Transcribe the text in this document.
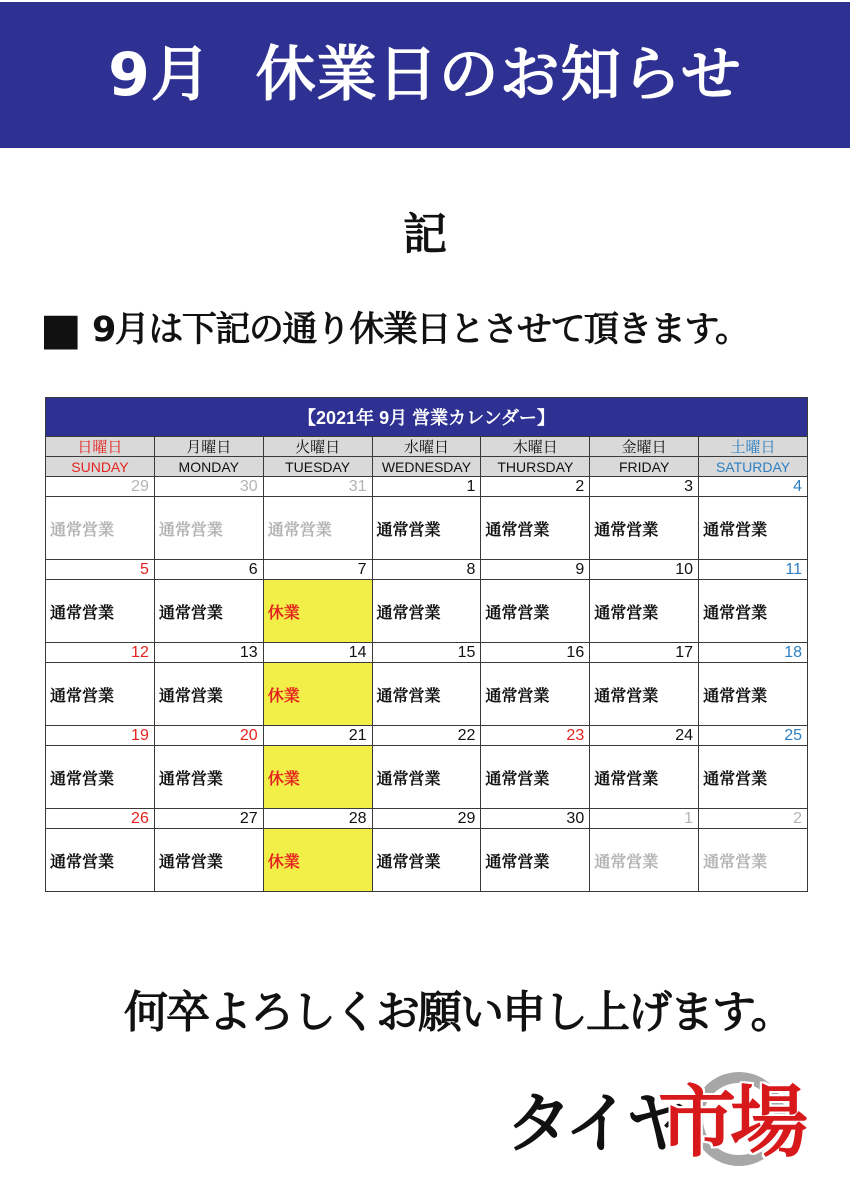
9月  休業日のお知らせ
記
■ 9月は下記の通り休業日とさせて頂きます。
【2021年 9月 営業カレンダー】						
日曜日	月曜日	火曜日	水曜日	木曜日	金曜日	土曜日
SUNDAY	MONDAY	TUESDAY	WEDNESDAY	THURSDAY	FRIDAY	SATURDAY
29	30	31	1	2	3	4
通常営業	通常営業	通常営業	通常営業	通常営業	通常営業	通常営業
5	6	7	8	9	10	11
通常営業	通常営業	休業	通常営業	通常営業	通常営業	通常営業
12	13	14	15	16	17	18
通常営業	通常営業	休業	通常営業	通常営業	通常営業	通常営業
19	20	21	22	23	24	25
通常営業	通常営業	休業	通常営業	通常営業	通常営業	通常営業
26	27	28	29	30	1	2
通常営業	通常営業	休業	通常営業	通常営業	通常営業	通常営業
何卒よろしくお願い申し上げます。
タイヤ
市場
